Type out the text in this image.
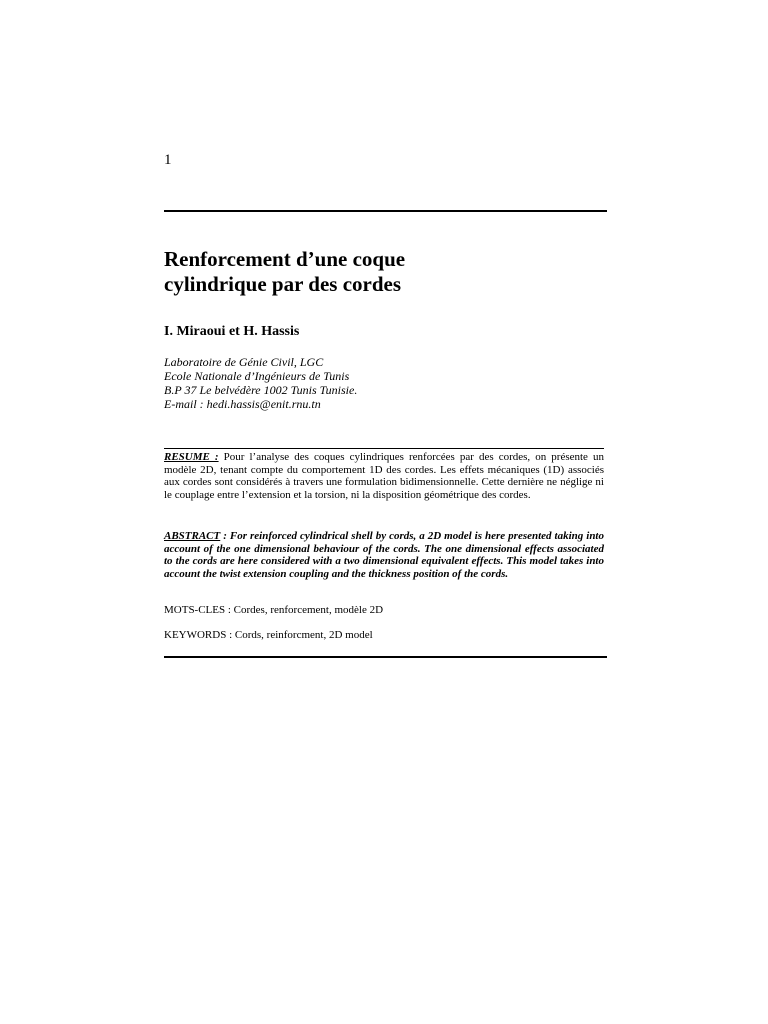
1
Renforcement d’une coque
cylindrique par des cordes
I. Miraoui et H. Hassis
Laboratoire de Génie Civil, LGC
Ecole Nationale d’Ingénieurs de Tunis
B.P 37 Le belvédère 1002 Tunis Tunisie.
E-mail : hedi.hassis@enit.rnu.tn
RESUME : Pour l’analyse des coques cylindriques renforcées par des cordes, on présente un modèle 2D, tenant compte du comportement 1D des cordes. Les effets mécaniques (1D) associés aux cordes sont considérés à travers une formulation bidimensionnelle. Cette dernière ne néglige ni le couplage entre l’extension et la torsion, ni la disposition géométrique des cordes.
ABSTRACT : For reinforced cylindrical shell by cords, a 2D model is here presented taking into account of the one dimensional behaviour of the cords. The one dimensional effects associated to the cords are here considered with a two dimensional equivalent effects. This model takes into account the twist extension coupling and the thickness position of the cords.
MOTS-CLES : Cordes, renforcement, modèle 2D
KEYWORDS : Cords, reinforcment, 2D model
